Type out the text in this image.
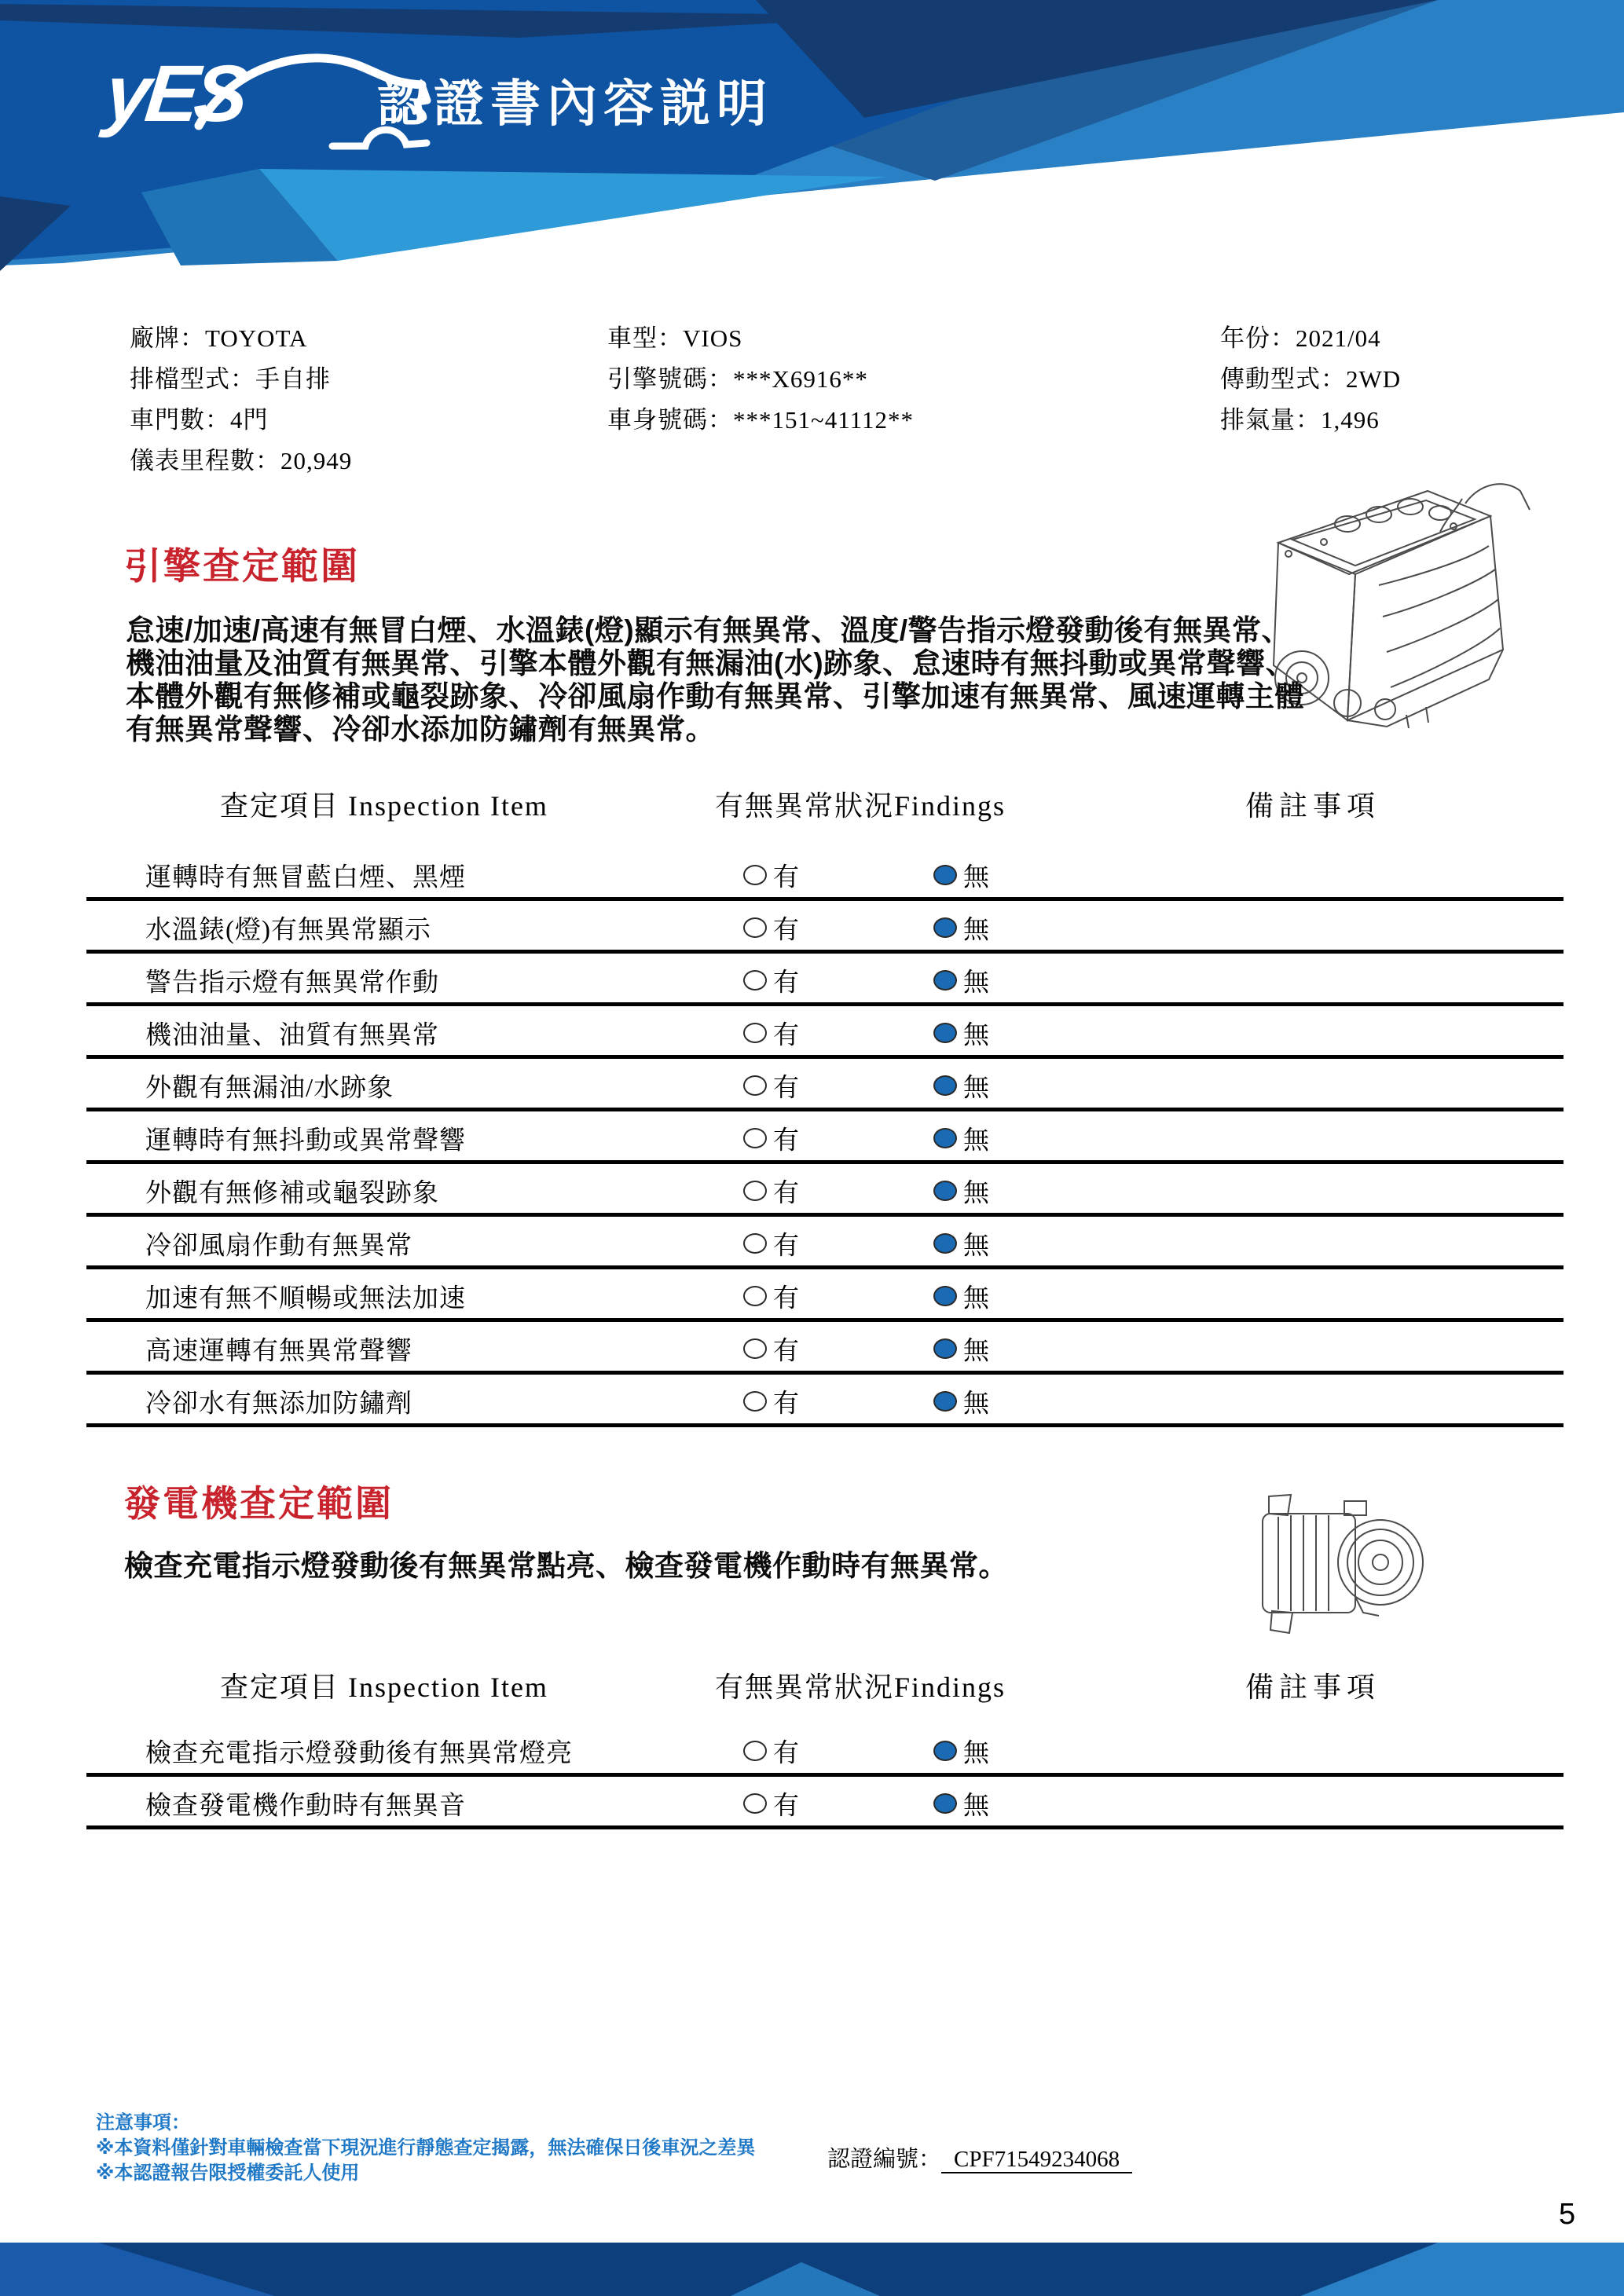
yES	認證書內容説明
廠牌：TOYOTA
排檔型式：手自排
車門數：4門
儀表里程數：20,949
車型：VIOS
引擎號碼：***X6916**
車身號碼：***151~41112**
年份：2021/04
傳動型式：2WD
排氣量：1,496
引擎查定範圍
怠速/加速/高速有無冒白煙、水溫錶(燈)顯示有無異常、溫度/警告指示燈發動後有無異常、
機油油量及油質有無異常、引擎本體外觀有無漏油(水)跡象、怠速時有無抖動或異常聲響、
本體外觀有無修補或龜裂跡象、冷卻風扇作動有無異常、引擎加速有無異常、風速運轉主體
有無異常聲響、冷卻水添加防鏽劑有無異常。
查定項目 Inspection Item	有無異常狀況Findings	備註事項
運轉時有無冒藍白煙、黑煙	有	無
水溫錶(燈)有無異常顯示	有	無
警告指示燈有無異常作動	有	無
機油油量、油質有無異常	有	無
外觀有無漏油/水跡象	有	無
運轉時有無抖動或異常聲響	有	無
外觀有無修補或龜裂跡象	有	無
冷卻風扇作動有無異常	有	無
加速有無不順暢或無法加速	有	無
高速運轉有無異常聲響	有	無
冷卻水有無添加防鏽劑	有	無
發電機查定範圍
檢查充電指示燈發動後有無異常點亮、檢查發電機作動時有無異常。
查定項目 Inspection Item	有無異常狀況Findings	備註事項
檢查充電指示燈發動後有無異常燈亮	有	無
檢查發電機作動時有無異音	有	無
注意事項：
※本資料僅針對車輛檢查當下現況進行靜態查定揭露，無法確保日後車況之差異
※本認證報告限授權委託人使用
認證編號： CPF71549234068
5
